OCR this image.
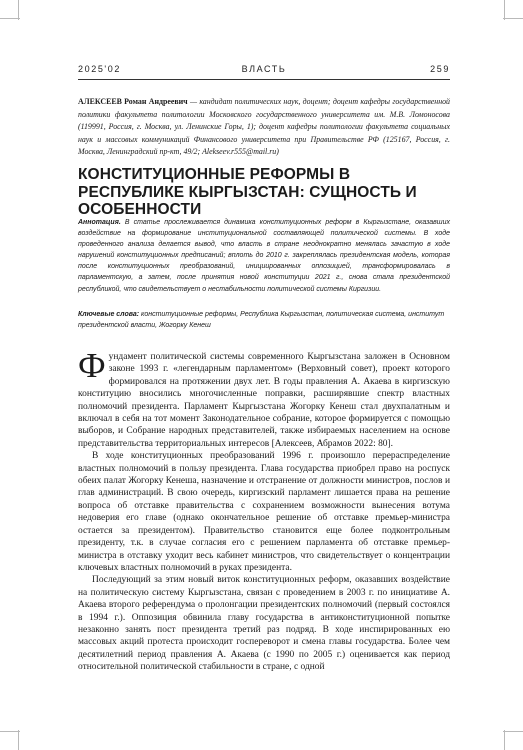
2025'02	ВЛАСТЬ	259
АЛЕКСЕЕВ Роман Андреевич — кандидат политических наук, доцент; доцент кафедры государственной политики факультета политологии Московского государственного университета им. М.В. Ломоносова (119991, Россия, г. Москва, ул. Ленинские Горы, 1); доцент кафедры политологии факультета социальных наук и массовых коммуникаций Финансового университета при Правительстве РФ (125167, Россия, г. Москва, Ленинградский пр-кт, 49/2; Alekseev.r555@mail.ru)
КОНСТИТУЦИОННЫЕ РЕФОРМЫ В РЕСПУБЛИКЕ КЫРГЫЗСТАН: СУЩНОСТЬ И ОСОБЕННОСТИ
Аннотация. В статье прослеживается динамика конституционных реформ в Кыргызстане, оказавших воздействие на формирование институциональной составляющей политической системы. В ходе проведенного анализа делается вывод, что власть в стране неоднократно менялась зачастую в ходе нарушений конституционных предписаний; вплоть до 2010 г. закреплялась президентская модель, которая после конституционных преобразований, инициированных оппозицией, трансформировалась в парламентскую, а затем, после принятия новой конституции 2021 г., снова стала президентской республикой, что свидетельствует о нестабильности политической системы Киргизии.
Ключевые слова: конституционные реформы, Республика Кыргызстан, политическая система, институт президентской власти, Жогорку Кенеш

Фундамент политической системы современного Кыргызстана заложен в Основном законе 1993 г. «легендарным парламентом» (Верховный совет), проект которого формировался на протяжении двух лет. В годы правления А. Акаева в киргизскую конституцию вносились многочисленные поправки, расширявшие спектр властных полномочий президента. Парламент Кыргызстана Жогорку Кенеш стал двухпалатным и включал в себя на тот момент Законодательное собрание, которое формируется с помощью выборов, и Собрание народных представителей, также избираемых населением на основе представительства территориальных интересов [Алексеев, Абрамов 2022: 80].

В ходе конституционных преобразований 1996 г. произошло перераспределение властных полномочий в пользу президента. Глава государства приобрел право на роспуск обеих палат Жогорку Кенеша, назначение и отстранение от должности министров, послов и глав администраций. В свою очередь, киргизский парламент лишается права на решение вопроса об отставке правительства с сохранением возможности вынесения вотума недоверия его главе (однако окончательное решение об отставке премьер-министра остается за президентом). Правительство становится еще более подконтрольным президенту, т.к. в случае согласия его с решением парламента об отставке премьер-министра в отставку уходит весь кабинет министров, что свидетельствует о концентрации ключевых властных полномочий в руках президента.

Последующий за этим новый виток конституционных реформ, оказавших воздействие на политическую систему Кыргызстана, связан с проведением в 2003 г. по инициативе А. Акаева второго референдума о пролонгации президентских полномочий (первый состоялся в 1994 г.). Оппозиция обвинила главу государства в антиконституционной попытке незаконно занять пост президента третий раз подряд. В ходе инспирированных ею массовых акций протеста происходит госпереворот и смена главы государства. Более чем десятилетний период правления А. Акаева (с 1990 по 2005 г.) оценивается как период относительной политической стабильности в стране, с одной
